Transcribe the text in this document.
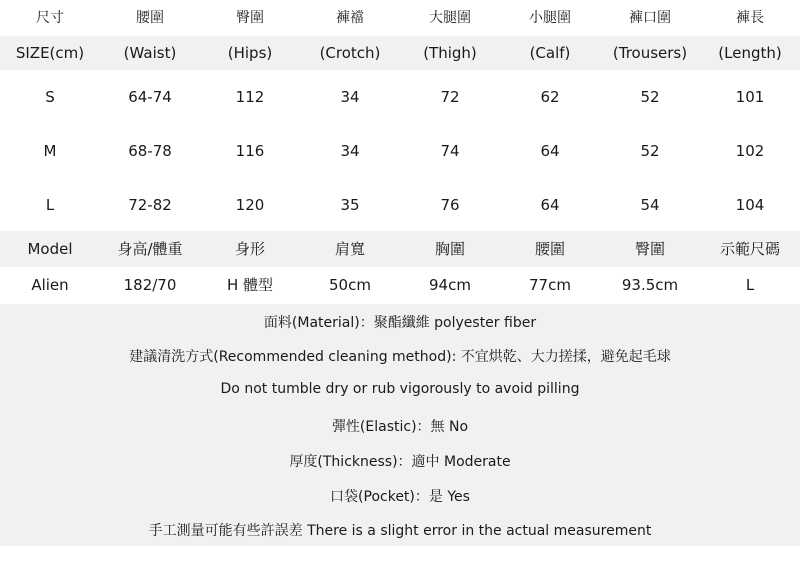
尺寸	腰圍	臀圍	褲襠	大腿圍	小腿圍	褲口圍	褲長
SIZE(cm)	(Waist)	(Hips)	(Crotch)	(Thigh)	(Calf)	(Trousers)	(Length)
S	64-74	112	34	72	62	52	101
M	68-78	116	34	74	64	52	102
L	72-82	120	35	76	64	54	104
Model	身高/體重	身形	肩寬	胸圍	腰圍	臀圍	示範尺碼
Alien	182/70	H 體型	50cm	94cm	77cm	93.5cm	L
面料(Material)：聚酯纖維 polyester fiber
建議清洗方式(Recommended cleaning method): 不宜烘乾、大力搓揉，避免起毛球
Do not tumble dry or rub vigorously to avoid pilling
彈性(Elastic)：無 No
厚度(Thickness)：適中 Moderate
口袋(Pocket)：是 Yes
手工測量可能有些許誤差 There is a slight error in the actual measurement
